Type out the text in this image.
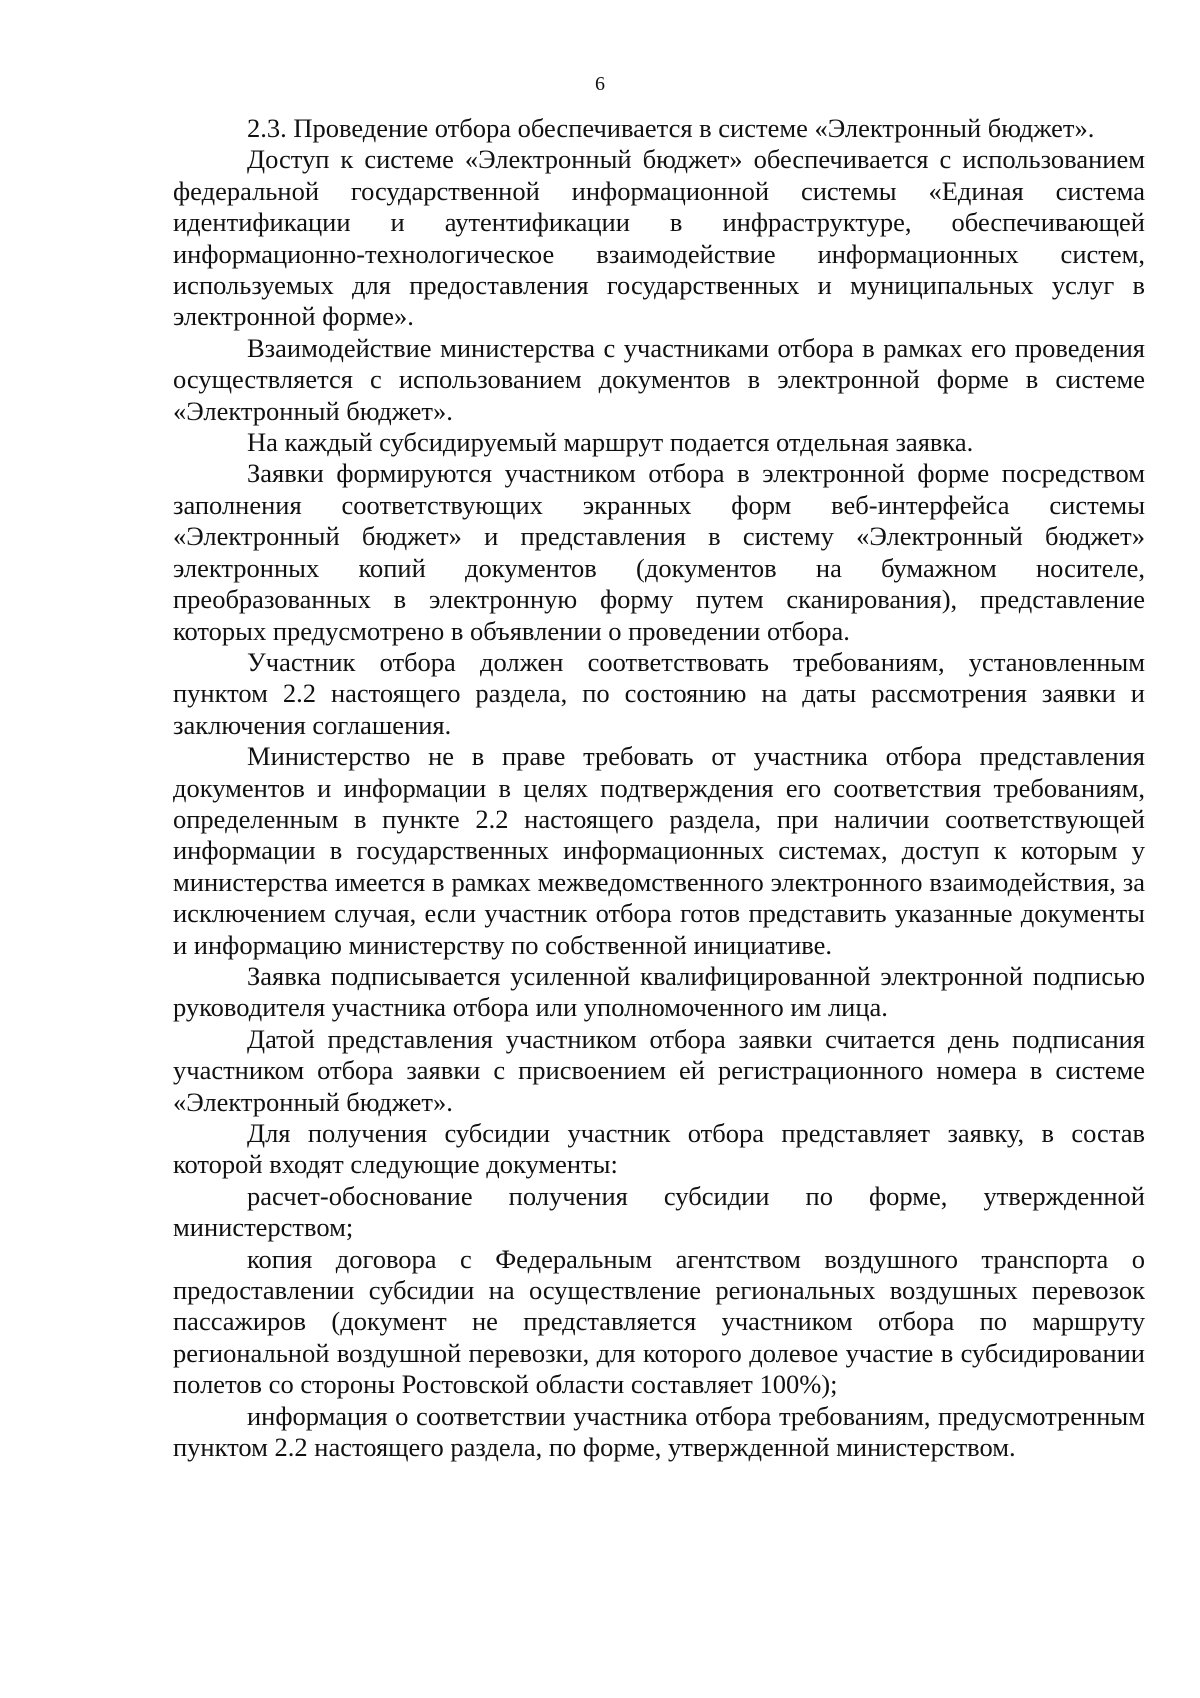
6

2.3. Проведение отбора обеспечивается в системе «Электронный бюджет».

Доступ к системе «Электронный бюджет» обеспечивается с использованием федеральной государственной информационной системы «Единая система идентификации и аутентификации в инфраструктуре, обеспечивающей информационно-технологическое взаимодействие информационных систем, используемых для предоставления государственных и муниципальных услуг в электронной форме».

Взаимодействие министерства с участниками отбора в рамках его проведения осуществляется с использованием документов в электронной форме в системе «Электронный бюджет».

На каждый субсидируемый маршрут подается отдельная заявка.

Заявки формируются участником отбора в электронной форме посредством заполнения соответствующих экранных форм веб-интерфейса системы «Электронный бюджет» и представления в систему «Электронный бюджет» электронных копий документов (документов на бумажном носителе, преобразованных в электронную форму путем сканирования), представление которых предусмотрено в объявлении о проведении отбора.

Участник отбора должен соответствовать требованиям, установленным пунктом 2.2 настоящего раздела, по состоянию на даты рассмотрения заявки и заключения соглашения.

Министерство не в праве требовать от участника отбора представления документов и информации в целях подтверждения его соответствия требованиям, определенным в пункте 2.2 настоящего раздела, при наличии соответствующей информации в государственных информационных системах, доступ к которым у министерства имеется в рамках межведомственного электронного взаимодействия, за исключением случая, если участник отбора готов представить указанные документы и информацию министерству по собственной инициативе.

Заявка подписывается усиленной квалифицированной электронной подписью руководителя участника отбора или уполномоченного им лица.

Датой представления участником отбора заявки считается день подписания участником отбора заявки с присвоением ей регистрационного номера в системе «Электронный бюджет».

Для получения субсидии участник отбора представляет заявку, в состав которой входят следующие документы:

расчет-обоснование получения субсидии по форме, утвержденной министерством;

копия договора с Федеральным агентством воздушного транспорта о предоставлении субсидии на осуществление региональных воздушных перевозок пассажиров (документ не представляется участником отбора по маршруту региональной воздушной перевозки, для которого долевое участие в субсидировании полетов со стороны Ростовской области составляет 100%);

информация о соответствии участника отбора требованиям, предусмотренным пунктом 2.2 настоящего раздела, по форме, утвержденной министерством.
